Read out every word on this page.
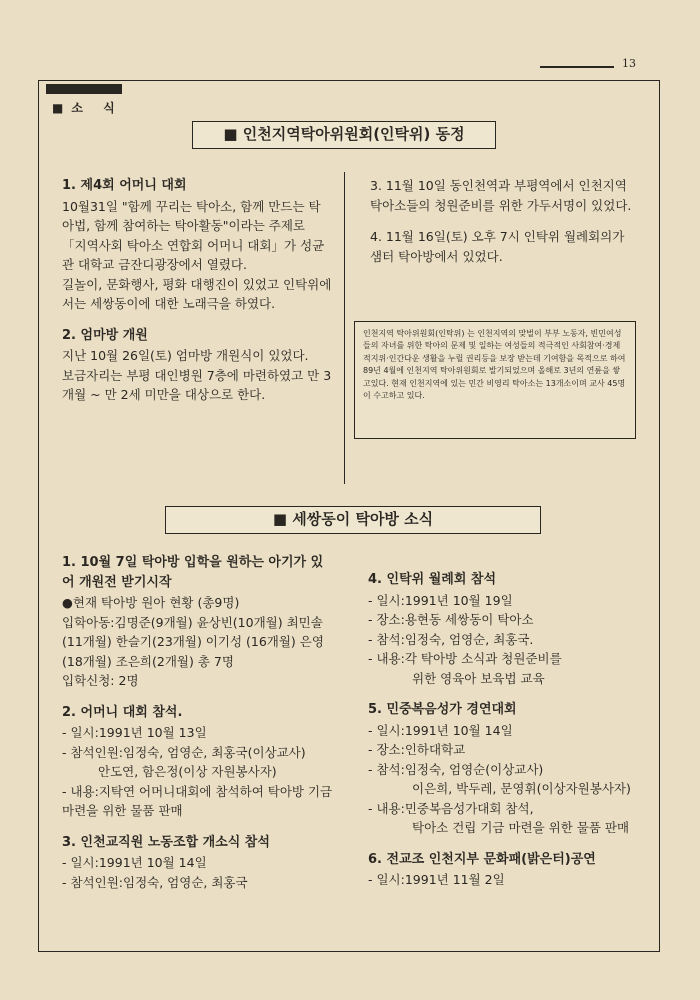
13
■소 식
■ 인천지역탁아위원회(인탁위) 동정
1. 제4회 어머니 대회

10월31일 "함께 꾸리는 탁아소, 함께 만드는 탁아법, 함께 참여하는 탁아활동"이라는 주제로 「지역사회 탁아소 연합회 어머니 대회」가 성균관 대학교 금잔디광장에서 열렸다.

길놀이, 문화행사, 평화 대행진이 있었고 인탁위에서는 세쌍동이에 대한 노래극을 하였다.

2. 엄마방 개원

지난 10월 26일(토) 엄마방 개원식이 있었다.

보금자리는 부평 대인병원 7층에 마련하였고 만 3개월 ~ 만 2세 미만을 대상으로 한다.

3. 11월 10일 동인천역과 부평역에서 인천지역탁아소들의 청원준비를 위한 가두서명이 있었다.

4. 11월 16일(토) 오후 7시 인탁위 월례회의가 샘터 탁아방에서 있었다.

인천지역 탁아위원회(인탁위) 는 인천지역의 맞벌이 부부 노동자, 빈민여성들의 자녀를 위한 탁아의 문제 및 일하는 여성들의 적극적인 사회참여·경제적지위·인간다운 생활을 누릴 권리등을 보장 받는데 기여함을 목적으로 하여 89년 4월에 인천지역 탁아위원회로 발기되었으며 올해로 3년의 연륜을 쌓고있다. 현재 인천지역에 있는 민간 비영리 탁아소는 13개소이며 교사 45명이 수고하고 있다.
■ 세쌍동이 탁아방 소식
1. 10월 7일 탁아방 입학을 원하는 아기가 있어 개원전 받기시작

●현재 탁아방 원아 현황 (총9명)

입학아동:김명준(9개월) 윤상빈(10개월) 최민솔(11개월) 한슬기(23개월) 이기성 (16개월) 은영(18개월) 조은희(2개월) 총 7명

입학신청: 2명

2. 어머니 대회 참석.

- 일시:1991년 10월 13일

- 참석인원:임정숙, 엄영순, 최홍국(이상교사)

안도연, 함은정(이상 자원봉사자)

- 내용:지탁연 어머니대회에 참석하여 탁아방 기금 마련을 위한 물품 판매

3. 인천교직원 노동조합 개소식 참석

- 일시:1991년 10월 14일

- 참석인원:임정숙, 엄영순, 최홍국

4. 인탁위 월례회 참석

- 일시:1991년 10월 19일

- 장소:용현동 세쌍동이 탁아소

- 참석:임정숙, 엄영순, 최홍국.

- 내용:각 탁아방 소식과 청원준비를

위한 영육아 보육법 교육

5. 민중복음성가 경연대회

- 일시:1991년 10월 14일

- 장소:인하대학교

- 참석:임정숙, 엄영순(이상교사)

이은희, 박두레, 문영휘(이상자원봉사자)

- 내용:민중복음성가대회 참석,

탁아소 건립 기금 마련을 위한 물품 판매

6. 전교조 인천지부 문화패(밝은터)공연

- 일시:1991년 11월 2일
